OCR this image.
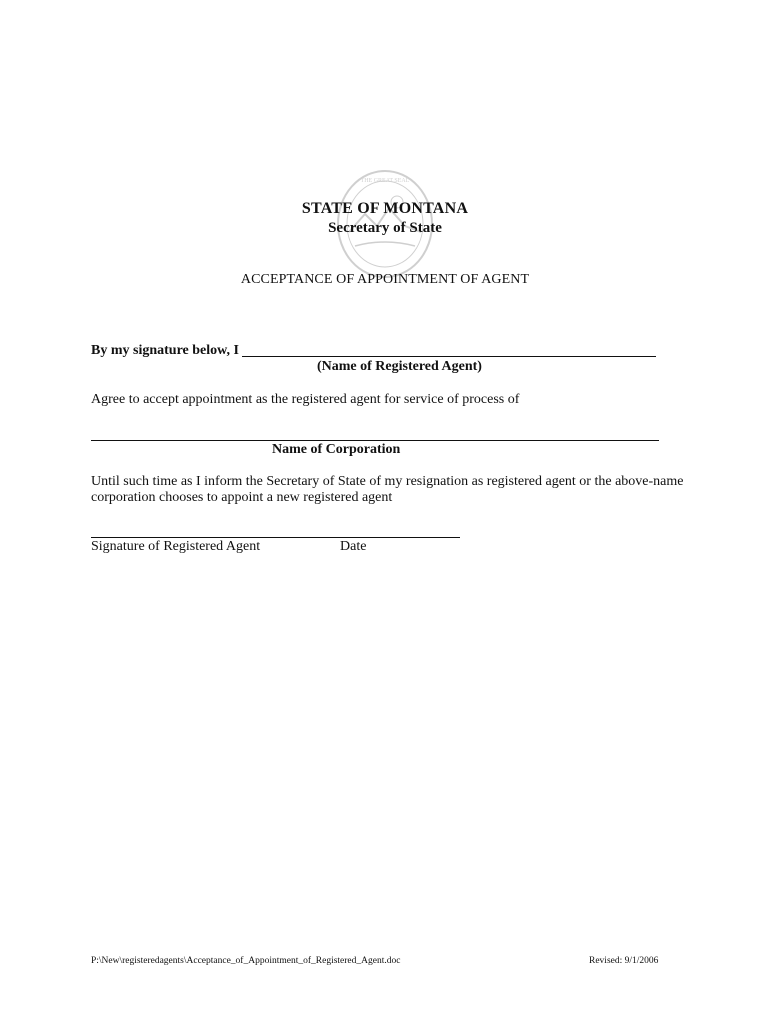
THE GREAT SEAL
STATE OF MONTANA
Secretary of State
ACCEPTANCE OF APPOINTMENT OF AGENT
By my signature below, I
(Name of Registered Agent)
Agree to accept appointment as the registered agent for service of process of
Name of Corporation
Until such time as I inform the Secretary of State of my resignation as registered agent or the above-name
corporation chooses to appoint a new registered agent
Signature of Registered Agent	Date
P:\New\registeredagents\Acceptance_of_Appointment_of_Registered_Agent.doc	Revised: 9/1/2006
